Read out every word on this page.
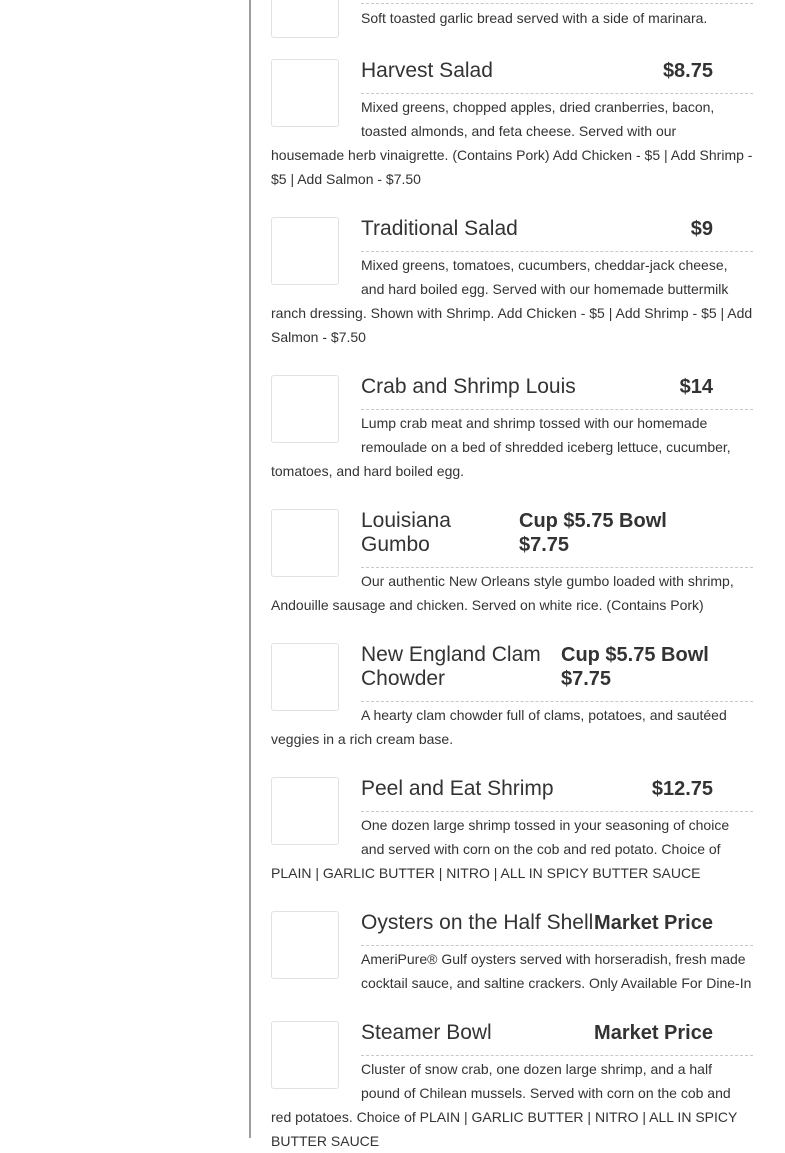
Soft toasted garlic bread served with a side of marinara.
Harvest Salad	$8.75
Mixed greens, chopped apples, dried cranberries, bacon, toasted almonds, and feta cheese. Served with our housemade herb vinaigrette. (Contains Pork) Add Chicken - $5 | Add Shrimp - $5 | Add Salmon - $7.50
Traditional Salad	$9
Mixed greens, tomatoes, cucumbers, cheddar-jack cheese, and hard boiled egg. Served with our homemade buttermilk ranch dressing. Shown with Shrimp. Add Chicken - $5 | Add Shrimp - $5 | Add Salmon - $7.50
Crab and Shrimp Louis	$14
Lump crab meat and shrimp tossed with our homemade remoulade on a bed of shredded iceberg lettuce, cucumber, tomatoes, and hard boiled egg.
Louisiana Gumbo
Cup $5.75 Bowl $7.75
Our authentic New Orleans style gumbo loaded with shrimp, Andouille sausage and chicken. Served on white rice. (Contains Pork)
New England Clam Chowder
Cup $5.75 Bowl $7.75
A hearty clam chowder full of clams, potatoes, and sautéed veggies in a rich cream base.
Peel and Eat Shrimp	$12.75
One dozen large shrimp tossed in your seasoning of choice and served with corn on the cob and red potato. Choice of PLAIN | GARLIC BUTTER | NITRO | ALL IN SPICY BUTTER SAUCE
Oysters on the Half Shell Market Price
AmeriPure® Gulf oysters served with horseradish, fresh made cocktail sauce, and saltine crackers. Only Available For Dine-In
Steamer Bowl	Market Price
Cluster of snow crab, one dozen large shrimp, and a half pound of Chilean mussels. Served with corn on the cob and red potatoes. Choice of PLAIN | GARLIC BUTTER | NITRO | ALL IN SPICY BUTTER SAUCE
